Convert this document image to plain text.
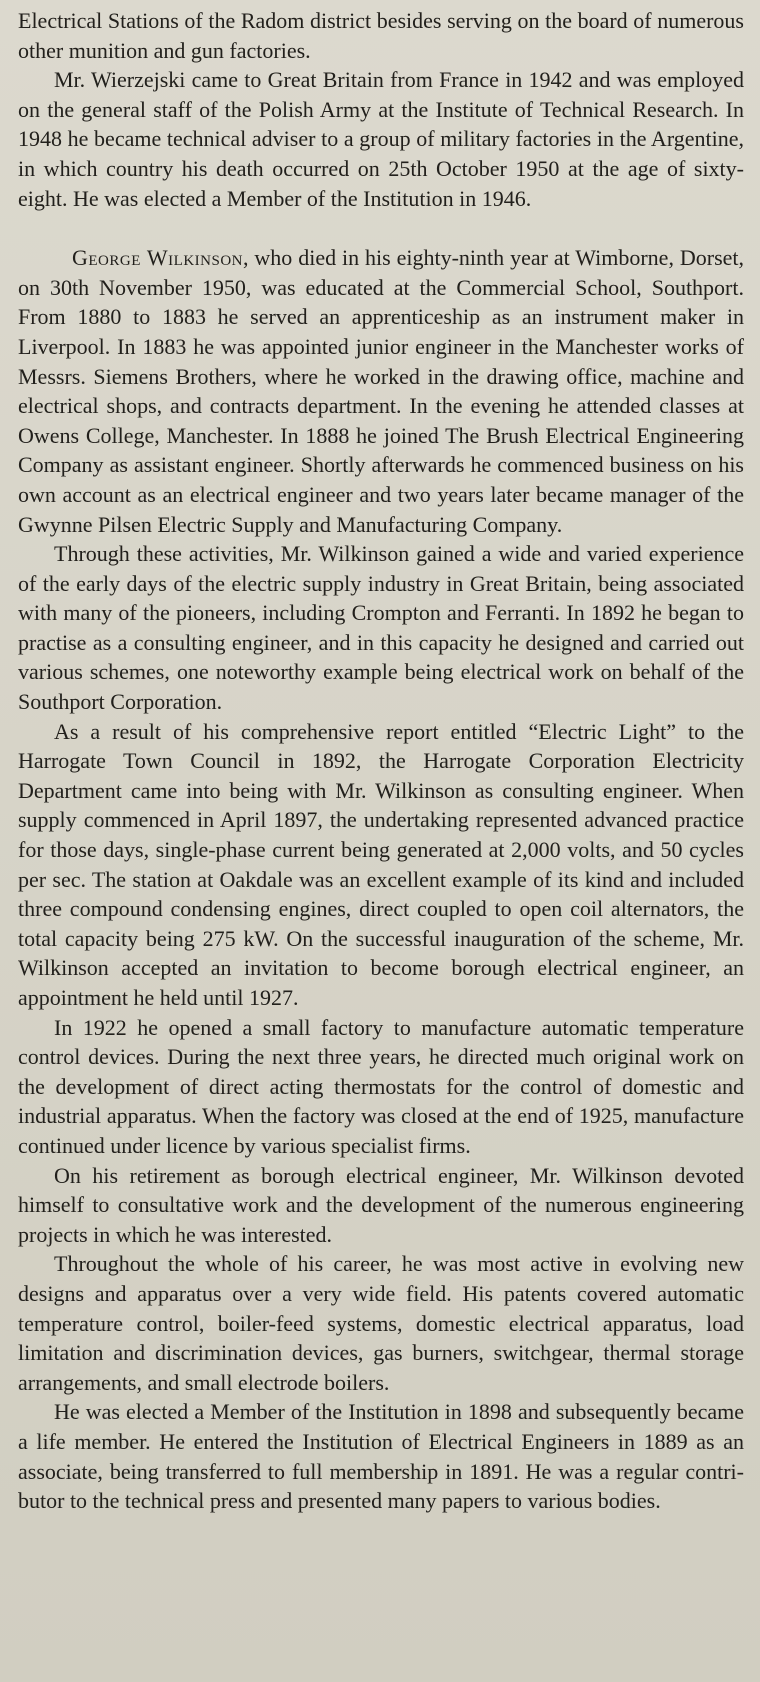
Electrical Stations of the Radom district besides serving on the board of numerous other munition and gun factories.

Mr. Wierzejski came to Great Britain from France in 1942 and was employed on the general staff of the Polish Army at the Institute of Technical Research. In 1948 he became technical adviser to a group of military factories in the Argentine, in which country his death occurred on 25th October 1950 at the age of sixty-eight. He was elected a Member of the Institution in 1946.

George Wilkinson, who died in his eighty-ninth year at Wimborne, Dorset, on 30th November 1950, was educated at the Commercial School, Southport. From 1880 to 1883 he served an apprenticeship as an instrument maker in Liverpool. In 1883 he was appointed junior engineer in the Manchester works of Messrs. Siemens Brothers, where he worked in the drawing office, machine and electrical shops, and contracts department. In the evening he attended classes at Owens College, Manchester. In 1888 he joined The Brush Electrical Engineering Company as assistant engineer. Shortly afterwards he commenced business on his own account as an electrical engineer and two years later became manager of the Gwynne Pilsen Electric Supply and Manufacturing Company.

Through these activities, Mr. Wilkinson gained a wide and varied experience of the early days of the electric supply industry in Great Britain, being associated with many of the pioneers, including Crompton and Ferranti. In 1892 he began to practise as a consulting engineer, and in this capacity he designed and carried out various schemes, one noteworthy example being electrical work on behalf of the Southport Corporation.

As a result of his comprehensive report entitled “Electric Light” to the Harrogate Town Council in 1892, the Harrogate Corporation Electricity Department came into being with Mr. Wilkinson as consulting engineer. When supply commenced in April 1897, the undertaking represented advanced practice for those days, single-phase current being generated at 2,000 volts, and 50 cycles per sec. The station at Oakdale was an excellent example of its kind and included three compound condensing engines, direct coupled to open coil alternators, the total capacity being 275 kW. On the successful inauguration of the scheme, Mr. Wilkinson accepted an invitation to become borough electrical engineer, an appointment he held until 1927.

In 1922 he opened a small factory to manufacture automatic temperature control devices. During the next three years, he directed much original work on the development of direct acting thermostats for the control of domestic and industrial apparatus. When the factory was closed at the end of 1925, manufacture continued under licence by various specialist firms.

On his retirement as borough electrical engineer, Mr. Wilkinson devoted himself to consultative work and the development of the numerous engineering projects in which he was interested.

Throughout the whole of his career, he was most active in evolving new designs and apparatus over a very wide field. His patents covered automatic temperature control, boiler-feed systems, domestic electrical apparatus, load limitation and discrimination devices, gas burners, switchgear, thermal storage arrangements, and small electrode boilers.

He was elected a Member of the Institution in 1898 and subsequently became a life member. He entered the Institution of Electrical Engineers in 1889 as an associate, being transferred to full membership in 1891. He was a regular contributor to the technical press and presented many papers to various bodies.
